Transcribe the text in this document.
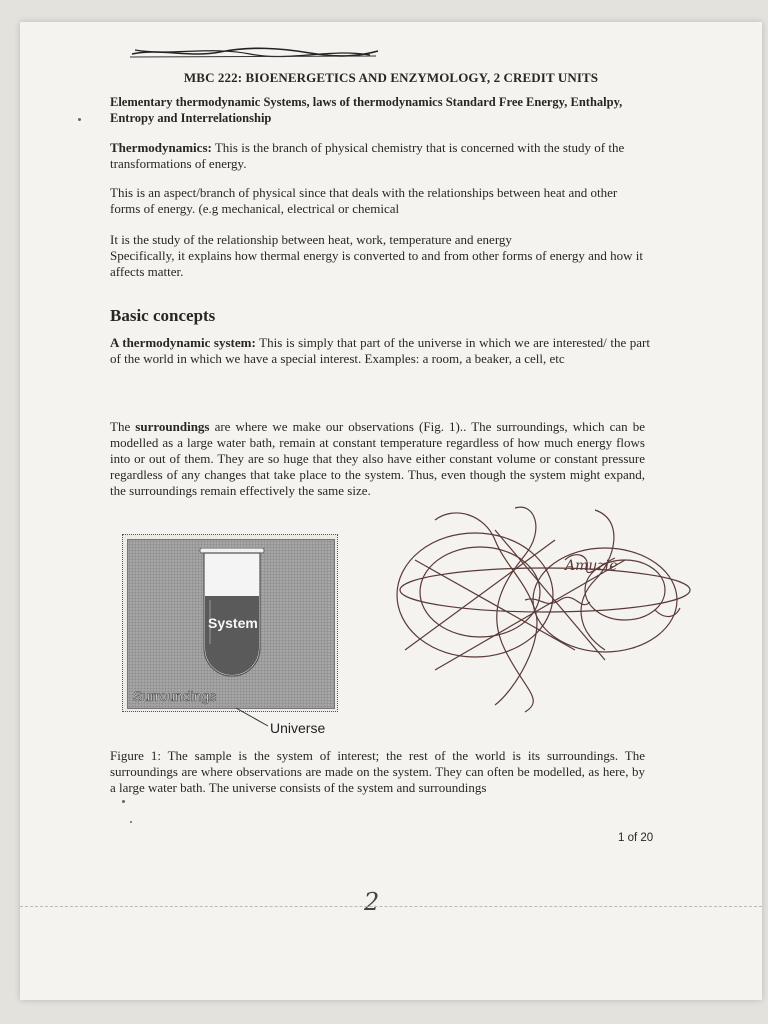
MBC 222: BIOENERGETICS AND ENZYMOLOGY, 2 CREDIT UNITS
Elementary thermodynamic Systems, laws of thermodynamics Standard Free Energy, Enthalpy, Entropy and Interrelationship
Thermodynamics: This is the branch of physical chemistry that is concerned with the study of the transformations of energy.
This is an aspect/branch of physical since that deals with the relationships between heat and other forms of energy. (e.g mechanical, electrical or chemical
It is the study of the relationship between heat, work, temperature and energy
Specifically, it explains how thermal energy is converted to and from other forms of energy and how it affects matter.
Basic concepts
A thermodynamic system: This is simply that part of the universe in which we are interested/ the part of the world in which we have a special interest. Examples: a room, a beaker, a cell, etc
The surroundings are where we make our observations (Fig. 1).. The surroundings, which can be modelled as a large water bath, remain at constant temperature regardless of how much energy flows into or out of them. They are so huge that they also have either constant volume or constant pressure regardless of any changes that take place to the system. Thus, even though the system might expand, the surroundings remain effectively the same size.
System
Surroundings
Universe
Amuzie
Figure 1: The sample is the system of interest; the rest of the world is its surroundings. The surroundings are where observations are made on the system. They can often be modelled, as here, by a large water bath. The universe consists of the system and surroundings
1 of 20
2
